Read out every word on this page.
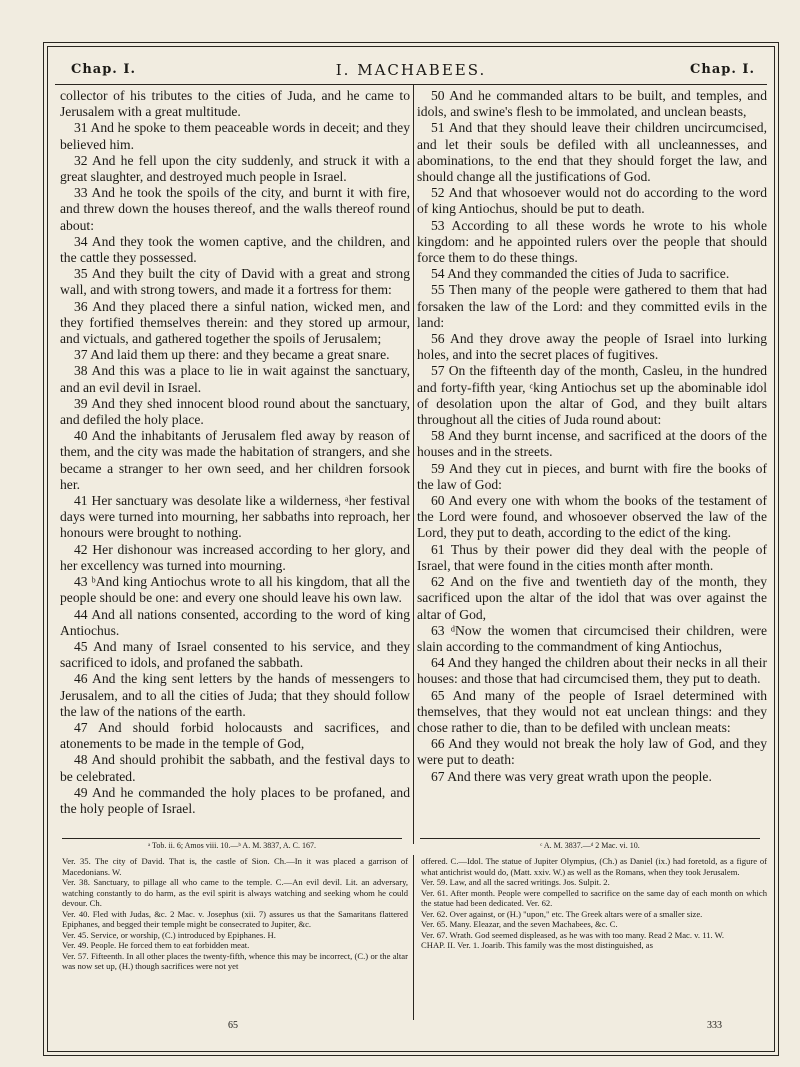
Chap. I.	I. MACHABEES.	Chap. I.

collector of his tributes to the cities of Juda, and he came to Jerusalem with a great multitude.

31 And he spoke to them peaceable words in deceit; and they believed him.

32 And he fell upon the city suddenly, and struck it with a great slaughter, and destroyed much people in Israel.

33 And he took the spoils of the city, and burnt it with fire, and threw down the houses thereof, and the walls thereof round about:

34 And they took the women captive, and the children, and the cattle they possessed.

35 And they built the city of David with a great and strong wall, and with strong towers, and made it a fortress for them:

36 And they placed there a sinful nation, wicked men, and they fortified themselves therein: and they stored up armour, and victuals, and gathered together the spoils of Jerusalem;

37 And laid them up there: and they became a great snare.

38 And this was a place to lie in wait against the sanctuary, and an evil devil in Israel.

39 And they shed innocent blood round about the sanctuary, and defiled the holy place.

40 And the inhabitants of Jerusalem fled away by reason of them, and the city was made the habitation of strangers, and she became a stranger to her own seed, and her children forsook her.

41 Her sanctuary was desolate like a wilderness, ᵃher festival days were turned into mourning, her sabbaths into reproach, her honours were brought to nothing.

42 Her dishonour was increased according to her glory, and her excellency was turned into mourning.

43 ᵇAnd king Antiochus wrote to all his kingdom, that all the people should be one: and every one should leave his own law.

44 And all nations consented, according to the word of king Antiochus.

45 And many of Israel consented to his service, and they sacrificed to idols, and profaned the sabbath.

46 And the king sent letters by the hands of messengers to Jerusalem, and to all the cities of Juda; that they should follow the law of the nations of the earth.

47 And should forbid holocausts and sacrifices, and atonements to be made in the temple of God,

48 And should prohibit the sabbath, and the festival days to be celebrated.

49 And he commanded the holy places to be profaned, and the holy people of Israel.

50 And he commanded altars to be built, and temples, and idols, and swine's flesh to be immolated, and unclean beasts,

51 And that they should leave their children uncircumcised, and let their souls be defiled with all uncleannesses, and abominations, to the end that they should forget the law, and should change all the justifications of God.

52 And that whosoever would not do according to the word of king Antiochus, should be put to death.

53 According to all these words he wrote to his whole kingdom: and he appointed rulers over the people that should force them to do these things.

54 And they commanded the cities of Juda to sacrifice.

55 Then many of the people were gathered to them that had forsaken the law of the Lord: and they committed evils in the land:

56 And they drove away the people of Israel into lurking holes, and into the secret places of fugitives.

57 On the fifteenth day of the month, Casleu, in the hundred and forty-fifth year, ᶜking Antiochus set up the abominable idol of desolation upon the altar of God, and they built altars throughout all the cities of Juda round about:

58 And they burnt incense, and sacrificed at the doors of the houses and in the streets.

59 And they cut in pieces, and burnt with fire the books of the law of God:

60 And every one with whom the books of the testament of the Lord were found, and whosoever observed the law of the Lord, they put to death, according to the edict of the king.

61 Thus by their power did they deal with the people of Israel, that were found in the cities month after month.

62 And on the five and twentieth day of the month, they sacrificed upon the altar of the idol that was over against the altar of God,

63 ᵈNow the women that circumcised their children, were slain according to the commandment of king Antiochus,

64 And they hanged the children about their necks in all their houses: and those that had circumcised them, they put to death.

65 And many of the people of Israel determined with themselves, that they would not eat unclean things: and they chose rather to die, than to be defiled with unclean meats:

66 And they would not break the holy law of God, and they were put to death:

67 And there was very great wrath upon the people.

ᵃ Tob. ii. 6; Amos viii. 10.—ᵇ A. M. 3837, A. C. 167.	ᶜ A. M. 3837.—ᵈ 2 Mac. vi. 10.

Ver. 35. The city of David. That is, the castle of Sion. Ch.—In it was placed a garrison of Macedonians. W.

Ver. 38. Sanctuary, to pillage all who came to the temple. C.—An evil devil. Lit. an adversary, watching constantly to do harm, as the evil spirit is always watching and seeking whom he could devour. Ch.

Ver. 40. Fled with Judas, &c. 2 Mac. v. Josephus (xii. 7) assures us that the Samaritans flattered Epiphanes, and begged their temple might be consecrated to Jupiter, &c.

Ver. 45. Service, or worship, (C.) introduced by Epiphanes. H.

Ver. 49. People. He forced them to eat forbidden meat.

Ver. 57. Fifteenth. In all other places the twenty-fifth, whence this may be incorrect, (C.) or the altar was now set up, (H.) though sacrifices were not yet

offered. C.—Idol. The statue of Jupiter Olympius, (Ch.) as Daniel (ix.) had foretold, as a figure of what antichrist would do, (Matt. xxiv. W.) as well as the Romans, when they took Jerusalem.

Ver. 59. Law, and all the sacred writings. Jos. Sulpit. 2.

Ver. 61. After month. People were compelled to sacrifice on the same day of each month on which the statue had been dedicated. Ver. 62.

Ver. 62. Over against, or (H.) "upon," etc. The Greek altars were of a smaller size.

Ver. 65. Many. Eleazar, and the seven Machabees, &c. C.

Ver. 67. Wrath. God seemed displeased, as he was with too many. Read 2 Mac. v. 11. W.

CHAP. II. Ver. 1. Joarib. This family was the most distinguished, as

65	333
